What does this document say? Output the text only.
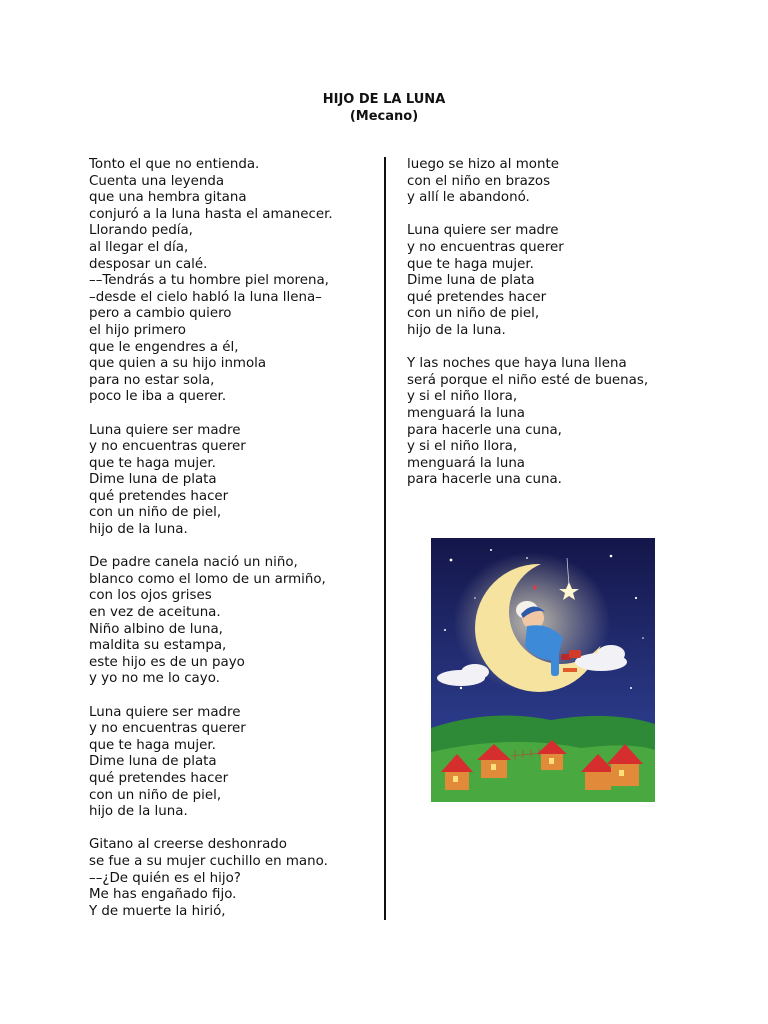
HIJO DE LA LUNA
(Mecano)
Tonto el que no entienda.
Cuenta una leyenda
que una hembra gitana
conjuró a la luna hasta el amanecer.
Llorando pedía,
al llegar el día,
desposar un calé.
––Tendrás a tu hombre piel morena,
–desde el cielo habló la luna llena–
pero a cambio quiero
el hijo primero
que le engendres a él,
que quien a su hijo inmola
para no estar sola,
poco le iba a querer.
Luna quiere ser madre
y no encuentras querer
que te haga mujer.
Dime luna de plata
qué pretendes hacer
con un niño de piel,
hijo de la luna.
De padre canela nació un niño,
blanco como el lomo de un armiño,
con los ojos grises
en vez de aceituna.
Niño albino de luna,
maldita su estampa,
este hijo es de un payo
y yo no me lo cayo.
Luna quiere ser madre
y no encuentras querer
que te haga mujer.
Dime luna de plata
qué pretendes hacer
con un niño de piel,
hijo de la luna.
Gitano al creerse deshonrado
se fue a su mujer cuchillo en mano.
––¿De quién es el hijo?
Me has engañado fijo.
Y de muerte la hirió,
luego se hizo al monte
con el niño en brazos
y allí le abandonó.
Luna quiere ser madre
y no encuentras querer
que te haga mujer.
Dime luna de plata
qué pretendes hacer
con un niño de piel,
hijo de la luna.
Y las noches que haya luna llena
será porque el niño esté de buenas,
y si el niño llora,
menguará la luna
para hacerle una cuna,
y si el niño llora,
menguará la luna
para hacerle una cuna.
